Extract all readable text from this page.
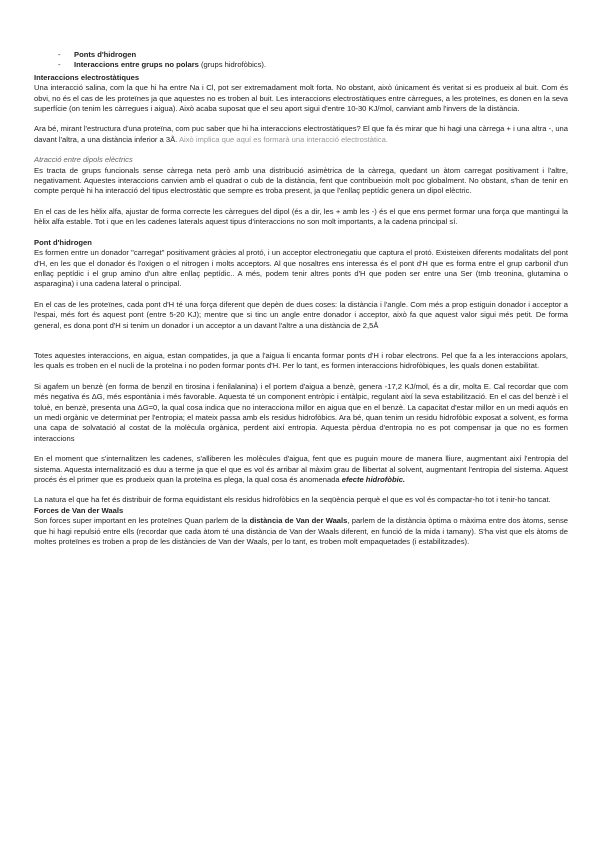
- Ponts d'hidrogen
- Interaccions entre grups no polars (grups hidrofòbics).

Interaccions electrostàtiques

Una interacció salina, com la que hi ha entre Na i Cl, pot ser extremadament molt forta. No obstant, això únicament és veritat si es produeix al buit. Com és obvi, no és el cas de les proteïnes ja que aquestes no es troben al buit. Les interaccions electrostàtiques entre càrregues, a les proteïnes, es donen en la seva superfície (on tenim les càrregues i aigua). Això acaba suposat que el seu aport sigui d'entre 10-30 KJ/mol, canviant amb l'invers de la distància.

Ara bé, mirant l'estructura d'una proteïna, com puc saber que hi ha interaccions electrostàtiques? El que fa és mirar que hi hagi una càrrega + i una altra -, una davant l'altra, a una distància inferior a 3Å. Això implica que aquí es formarà una interacció electrostàtica.

Atracció entre dipols elèctrics

Es tracta de grups funcionals sense càrrega neta però amb una distribució asimètrica de la càrrega, quedant un àtom carregat positivament i l'altre, negativament. Aquestes interaccions canvien amb el quadrat o cub de la distància, fent que contribueixin molt poc globalment. No obstant, s'han de tenir en compte perquè hi ha interacció del tipus electrostàtic que sempre es troba present, ja que l'enllaç peptídic genera un dipol elèctric.

En el cas de les hèlix alfa, ajustar de forma correcte les càrregues del dipol (és a dir, les + amb les -) és el que ens permet formar una força que mantingui la hèlix alfa estable. Tot i que en les cadenes laterals aquest tipus d'interaccions no son molt importants, a la cadena principal sí.

Pont d'hidrogen

Es formen entre un donador "carregat" positivament gràcies al protó, i un acceptor electronegatiu que captura el protó. Existeixen diferents modalitats del pont d'H, en les que el donador és l'oxigen o el nitrogen i molts acceptors. Al que nosaltres ens interessa és el pont d'H que es forma entre el grup carbonil d'un enllaç peptídic i el grup amino d'un altre enllaç peptídic.. A més, podem tenir altres ponts d'H que poden ser entre una Ser (tmb treonina, glutamina o asparagina) i una cadena lateral o principal.

En el cas de les proteïnes, cada pont d'H té una força diferent que depèn de dues coses: la distància i l'angle. Com més a prop estiguin donador i acceptor a l'espai, més fort és aquest pont (entre 5-20 KJ); mentre que si tinc un angle entre donador i acceptor, això fa que aquest valor sigui més petit. De forma general, es dona pont d'H si tenim un donador i un acceptor a un davant l'altre a una distància de 2,5Å

Totes aquestes interaccions, en aigua, estan compatides, ja que a l'aigua li encanta formar ponts d'H i robar electrons. Pel que fa a les interaccions apolars, les quals es troben en el nucli de la proteïna i no poden formar ponts d'H. Per lo tant, es formen interaccions hidrofòbiques, les quals donen estabilitat.

Si agafem un benzè (en forma de benzil en tirosina i fenilalanina) i el portem d'aigua a benzè, genera -17,2 KJ/mol, és a dir, molta E. Cal recordar que com més negativa és ΔG, més espontània i més favorable. Aquesta té un component entròpic i entàlpic, regulant així la seva estabilització. En el cas del benzè i el toluè, en benzè, presenta una ΔG=0, la qual cosa indica que no interacciona millor en aigua que en el benzè. La capacitat d'estar millor en un medi aquós en un medi orgànic ve determinat per l'entropia; el mateix passa amb els residus hidrofòbics. Ara bé, quan tenim un residu hidrofòbic exposat a solvent, es forma una capa de solvatació al costat de la molècula orgànica, perdent així entropia. Aquesta pèrdua d'entropia no es pot compensar ja que no es formen interaccions

En el moment que s'internalitzen les cadenes, s'alliberen les molècules d'aigua, fent que es puguin moure de manera lliure, augmentant així l'entropia del sistema. Aquesta internalització es duu a terme ja que el que es vol és arribar al màxim grau de llibertat al solvent, augmentant l'entropia del sistema. Aquest procés és el primer que es produeix quan la proteïna es plega, la qual cosa és anomenada efecte hidrofòbic.

La natura el que ha fet és distribuir de forma equidistant els residus hidrofòbics en la seqüència perquè el que es vol és compactar-ho tot i tenir-ho tancat.

Forces de Van der Waals

Son forces super important en les proteïnes Quan parlem de la distància de Van der Waals, parlem de la distància òptima o màxima entre dos àtoms, sense que hi hagi repulsió entre ells (recordar que cada àtom té una distància de Van der Waals diferent, en funció de la mida i tamany). S'ha vist que els àtoms de moltes proteïnes es troben a prop de les distàncies de Van der Waals, per lo tant, es troben molt empaquetades (i estabilitzades).
